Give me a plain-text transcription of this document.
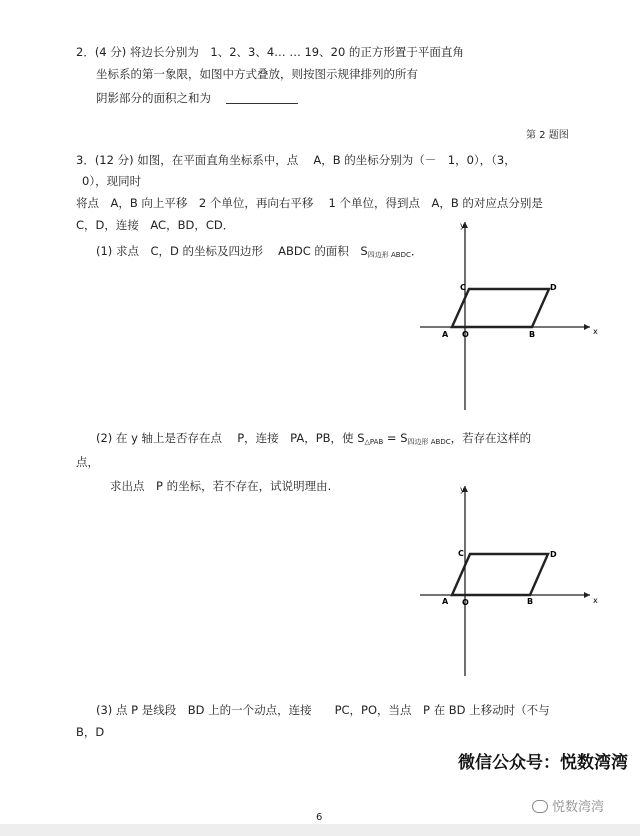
2．(4 分) 将边长分别为　1、2、3、4… … 19、20 的正方形置于平面直角
坐标系的第一象限，如图中方式叠放，则按图示规律排列的所有
阴影部分的面积之和为
第 2 题图
3．(12 分) 如图，在平面直角坐标系中，点　 A，B 的坐标分别为（－　1，0），（3，
0），现同时
将点　A，B 向上平移　2 个单位，再向右平移　 1 个单位，得到点　A，B 的对应点分别是
C，D，连接　AC，BD，CD．
(1) 求点　C，D 的坐标及四边形　 ABDC 的面积　$S_{四边形 ABDC}$．
x
y
O
A	B
C	D
(2) 在 y 轴上是否存在点　 P，连接　PA，PB，使 $S_{\triangle PAB} = S_{四边形 ABDC}$，若存在这样的
点，
求出点　P 的坐标，若不存在，试说明理由.
x
y
O
A	B
C	D
(3) 点 P 是线段　BD 上的一个动点，连接　　PC，PO，当点　P 在 BD 上移动时（不与
B，D
微信公众号：悦数湾湾
悦数湾湾
6
